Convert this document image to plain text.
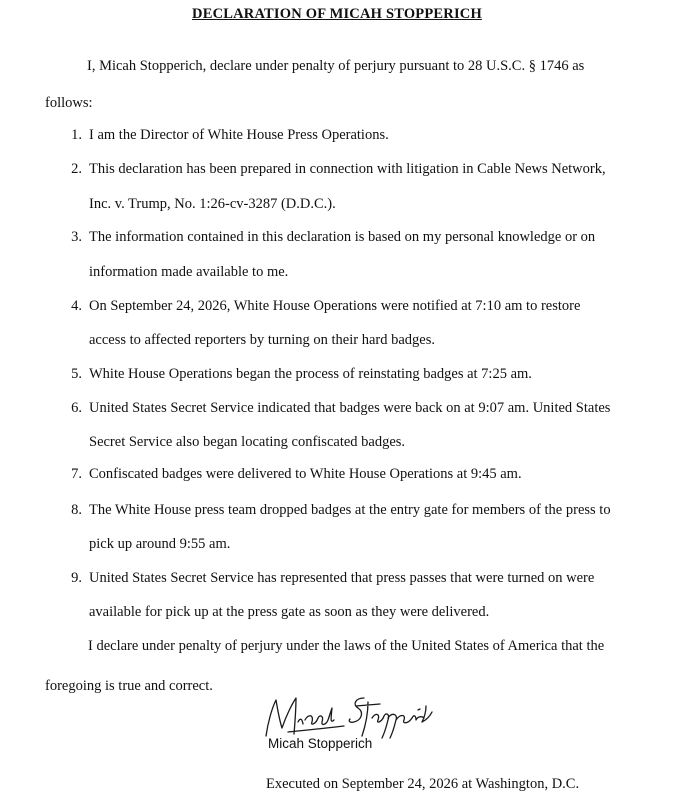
DECLARATION OF MICAH STOPPERICH
I, Micah Stopperich, declare under penalty of perjury pursuant to 28 U.S.C. § 1746 as
follows:
1. I am the Director of White House Press Operations.
2. This declaration has been prepared in connection with litigation in Cable News Network,
Inc. v. Trump, No. 1:26-cv-3287 (D.D.C.).
3. The information contained in this declaration is based on my personal knowledge or on
information made available to me.
4. On September 24, 2026, White House Operations were notified at 7:10 am to restore
access to affected reporters by turning on their hard badges.
5. White House Operations began the process of reinstating badges at 7:25 am.
6. United States Secret Service indicated that badges were back on at 9:07 am. United States
Secret Service also began locating confiscated badges.
7. Confiscated badges were delivered to White House Operations at 9:45 am.
8. The White House press team dropped badges at the entry gate for members of the press to
pick up around 9:55 am.
9. United States Secret Service has represented that press passes that were turned on were
available for pick up at the press gate as soon as they were delivered.
I declare under penalty of perjury under the laws of the United States of America that the
foregoing is true and correct.
Micah Stopperich
Executed on September 24, 2026 at Washington, D.C.
